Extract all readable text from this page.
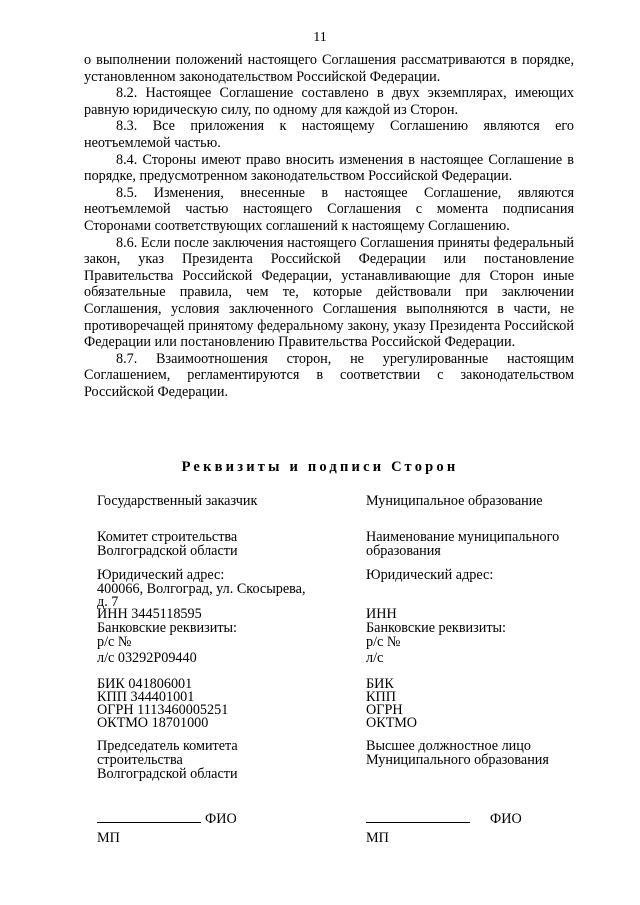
11

о выполнении положений настоящего Соглашения рассматриваются в порядке, установленном законодательством Российской Федерации.

8.2. Настоящее Соглашение составлено в двух экземплярах, имеющих равную юридическую силу, по одному для каждой из Сторон.

8.3. Все приложения к настоящему Соглашению являются его неотъемлемой частью.

8.4. Стороны имеют право вносить изменения в настоящее Соглашение в порядке, предусмотренном законодательством Российской Федерации.

8.5. Изменения, внесенные в настоящее Соглашение, являются неотъемлемой частью настоящего Соглашения с момента подписания Сторонами соответствующих соглашений к настоящему Соглашению.

8.6. Если после заключения настоящего Соглашения приняты федеральный закон, указ Президента Российской Федерации или постановление Правительства Российской Федерации, устанавливающие для Сторон иные обязательные правила, чем те, которые действовали при заключении Соглашения, условия заключенного Соглашения выполняются в части, не противоречащей принятому федеральному закону, указу Президента Российской Федерации или постановлению Правительства Российской Федерации.

8.7. Взаимоотношения сторон, не урегулированные настоящим Соглашением, регламентируются в соответствии с законодательством Российской Федерации.

Реквизиты и подписи Сторон
Государственный заказчик
Комитет строительства
Волгоградской области
Юридический адрес:
400066, Волгоград, ул. Скосырева,
д. 7
ИНН 3445118595
Банковские реквизиты:
р/с №
л/с 03292Р09440
БИК 041806001
КПП 344401001
ОГРН 1113460005251
ОКТМО 18701000
Председатель комитета
строительства
Волгоградской области
ФИО
МП
Муниципальное образование
Наименование муниципального
образования
Юридический адрес:
ИНН
Банковские реквизиты:
р/с №
л/с
БИК
КПП
ОГРН
ОКТМО
Высшее должностное лицо
Муниципального образования
ФИО
МП
